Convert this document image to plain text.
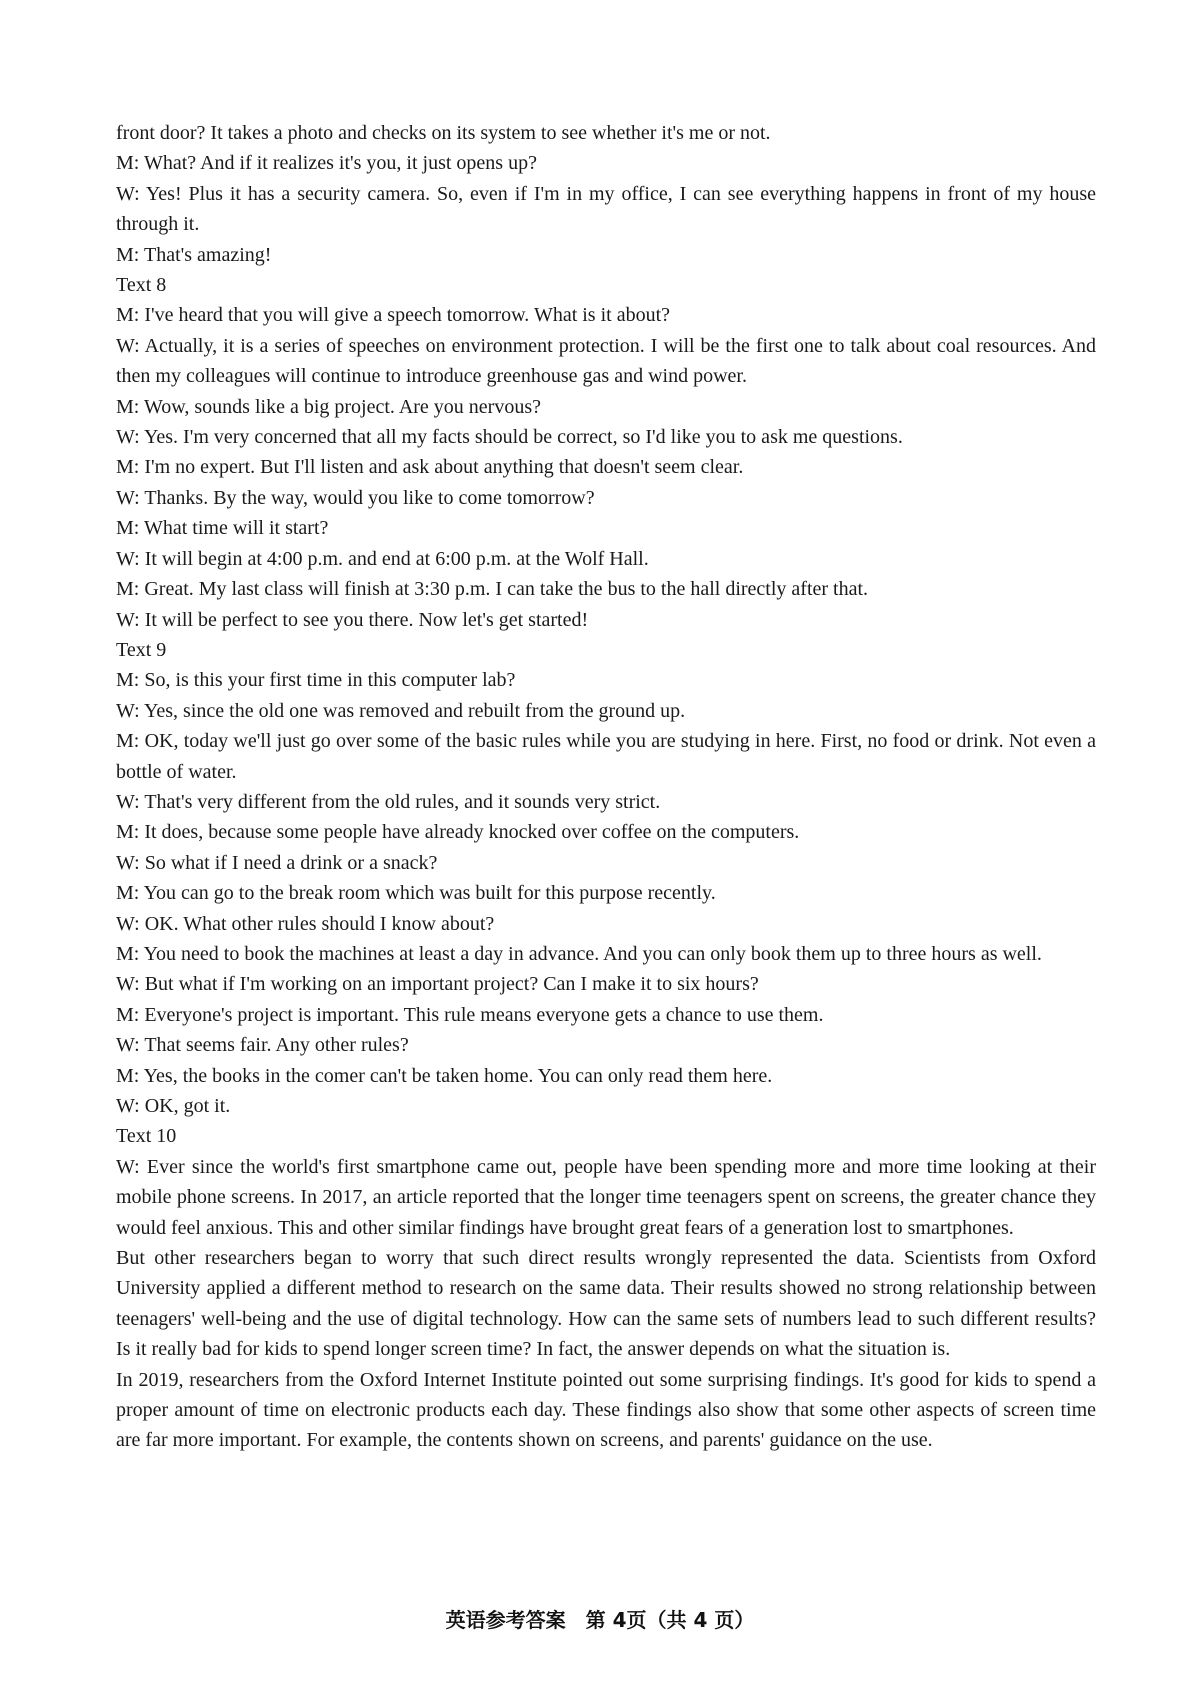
front door? It takes a photo and checks on its system to see whether it's me or not.

M: What? And if it realizes it's you, it just opens up?

W: Yes! Plus it has a security camera. So, even if I'm in my office, I can see everything happens in front of my house through it.

M: That's amazing!

Text 8

M: I've heard that you will give a speech tomorrow. What is it about?

W: Actually, it is a series of speeches on environment protection. I will be the first one to talk about coal resources. And then my colleagues will continue to introduce greenhouse gas and wind power.

M: Wow, sounds like a big project. Are you nervous?

W: Yes. I'm very concerned that all my facts should be correct, so I'd like you to ask me questions.

M: I'm no expert. But I'll listen and ask about anything that doesn't seem clear.

W: Thanks. By the way, would you like to come tomorrow?

M: What time will it start?

W: It will begin at 4:00 p.m. and end at 6:00 p.m. at the Wolf Hall.

M: Great. My last class will finish at 3:30 p.m. I can take the bus to the hall directly after that.

W: It will be perfect to see you there. Now let's get started!

Text 9

M: So, is this your first time in this computer lab?

W: Yes, since the old one was removed and rebuilt from the ground up.

M: OK, today we'll just go over some of the basic rules while you are studying in here. First, no food or drink. Not even a bottle of water.

W: That's very different from the old rules, and it sounds very strict.

M: It does, because some people have already knocked over coffee on the computers.

W: So what if I need a drink or a snack?

M: You can go to the break room which was built for this purpose recently.

W: OK. What other rules should I know about?

M: You need to book the machines at least a day in advance. And you can only book them up to three hours as well.

W: But what if I'm working on an important project? Can I make it to six hours?

M: Everyone's project is important. This rule means everyone gets a chance to use them.

W: That seems fair. Any other rules?

M: Yes, the books in the comer can't be taken home. You can only read them here.

W: OK, got it.

Text 10

W: Ever since the world's first smartphone came out, people have been spending more and more time looking at their mobile phone screens. In 2017, an article reported that the longer time teenagers spent on screens, the greater chance they would feel anxious. This and other similar findings have brought great fears of a generation lost to smartphones.

But other researchers began to worry that such direct results wrongly represented the data. Scientists from Oxford University applied a different method to research on the same data. Their results showed no strong relationship between teenagers' well-being and the use of digital technology. How can the same sets of numbers lead to such different results? Is it really bad for kids to spend longer screen time? In fact, the answer depends on what the situation is.

In 2019, researchers from the Oxford Internet Institute pointed out some surprising findings. It's good for kids to spend a proper amount of time on electronic products each day. These findings also show that some other aspects of screen time are far more important. For example, the contents shown on screens, and parents' guidance on the use.

英语参考答案　第 4页（共 4 页）
